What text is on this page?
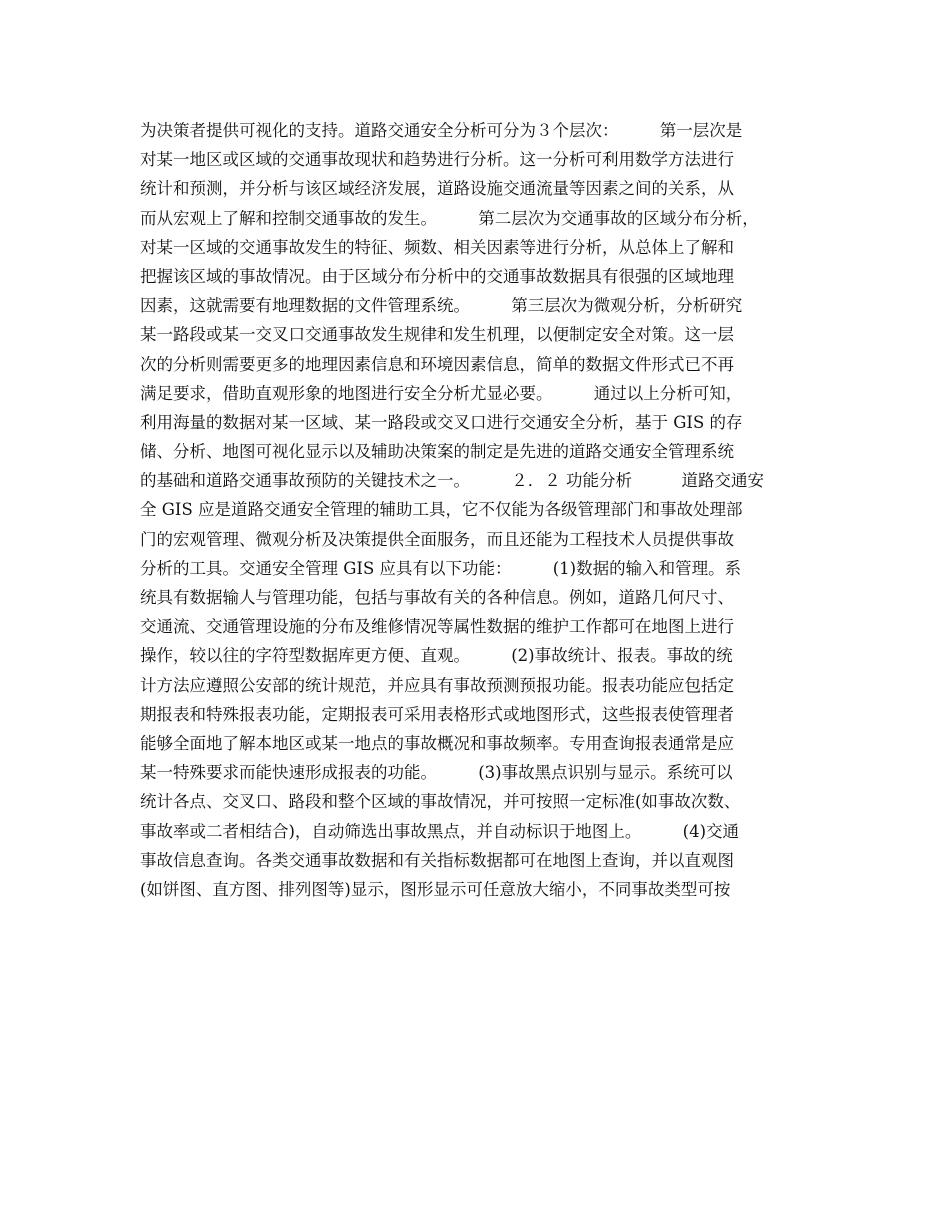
为决策者提供可视化的支持。道路交通安全分析可分为３个层次：　　　第一层次是
对某一地区或区域的交通事故现状和趋势进行分析。这一分析可利用数学方法进行
统计和预测，并分析与该区域经济发展，道路设施交通流量等因素之间的关系，从
而从宏观上了解和控制交通事故的发生。　　　第二层次为交通事故的区域分布分析，
对某一区域的交通事故发生的特征、频数、相关因素等进行分析，从总体上了解和
把握该区域的事故情况。由于区域分布分析中的交通事故数据具有很强的区域地理
因素，这就需要有地理数据的文件管理系统。　　　第三层次为微观分析，分析研究
某一路段或某一交叉口交通事故发生规律和发生机理，以便制定安全对策。这一层
次的分析则需要更多的地理因素信息和环境因素信息，简单的数据文件形式已不再
满足要求，借助直观形象的地图进行安全分析尤显必要。　　　通过以上分析可知，
利用海量的数据对某一区域、某一路段或交叉口进行交通安全分析，基于 GIS 的存
储、分析、地图可视化显示以及辅助决策案的制定是先进的道路交通安全管理系统
的基础和道路交通事故预防的关键技术之一。　　　２．２ 功能分析　　　道路交通安
全 GIS 应是道路交通安全管理的辅助工具，它不仅能为各级管理部门和事故处理部
门的宏观管理、微观分析及决策提供全面服务，而且还能为工程技术人员提供事故
分析的工具。交通安全管理 GIS 应具有以下功能：　　　(1)数据的输入和管理。系
统具有数据输人与管理功能，包括与事故有关的各种信息。例如，道路几何尺寸、
交通流、交通管理设施的分布及维修情况等属性数据的维护工作都可在地图上进行
操作，较以往的字符型数据库更方便、直观。　　　(2)事故统计、报表。事故的统
计方法应遵照公安部的统计规范，并应具有事故预测预报功能。报表功能应包括定
期报表和特殊报表功能，定期报表可采用表格形式或地图形式，这些报表使管理者
能够全面地了解本地区或某一地点的事故概况和事故频率。专用查询报表通常是应
某一特殊要求而能快速形成报表的功能。　　　(3)事故黑点识别与显示。系统可以
统计各点、交叉口、路段和整个区域的事故情况，并可按照一定标准(如事故次数、
事故率或二者相结合)，自动筛选出事故黑点，并自动标识于地图上。　　　(4)交通
事故信息查询。各类交通事故数据和有关指标数据都可在地图上查询，并以直观图
(如饼图、直方图、排列图等)显示，图形显示可任意放大缩小，不同事故类型可按
